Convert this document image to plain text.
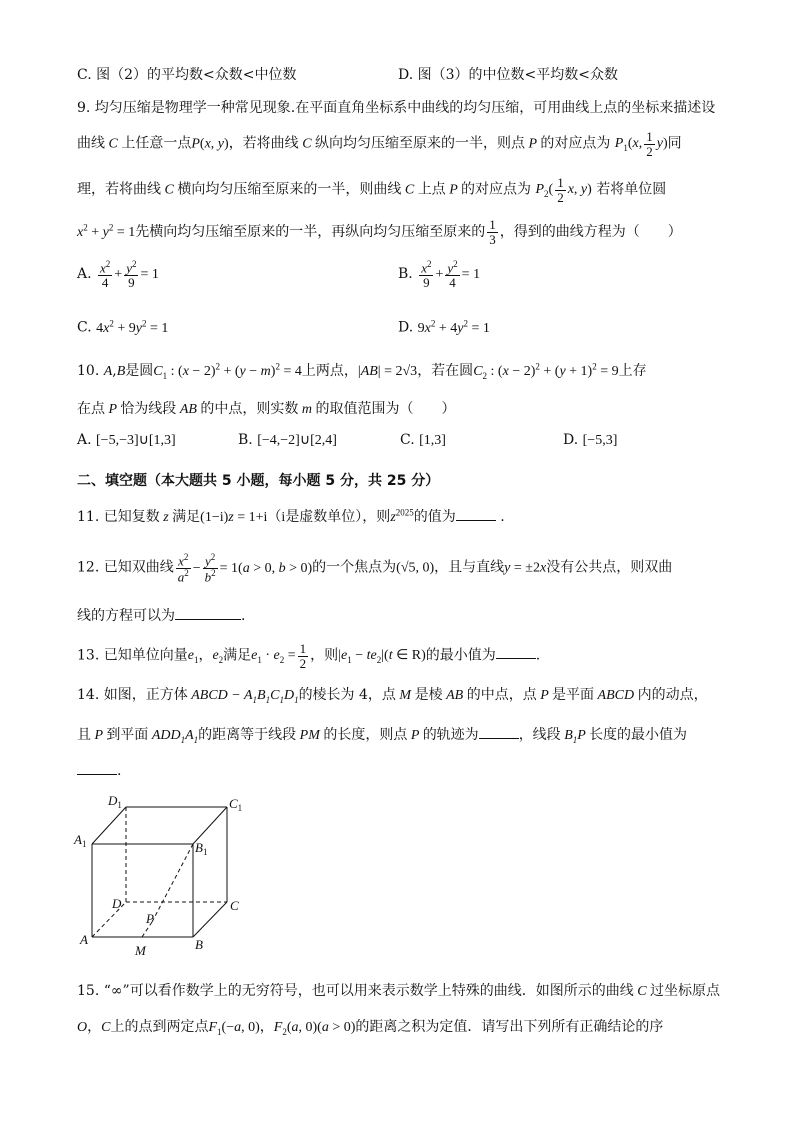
C. 图（2）的平均数<众数<中位数	D. 图（3）的中位数<平均数<众数
9. 均匀压缩是物理学一种常见现象.在平面直角坐标系中曲线的均匀压缩，可用曲线上点的坐标来描述设
曲线 C 上任意一点P(x, y)，若将曲线 C 纵向均匀压缩至原来的一半，则点 P 的对应点为 $P_1(x$, $\frac{1}{2} y$)同
理，若将曲线 C 横向均匀压缩至原来的一半，则曲线 C 上点 P 的对应点为 $P_2( \frac{1}{2} x$, y) 若将单位圆
$x^2 + y^2 = 1$先横向均匀压缩至原来的一半，再纵向均匀压缩至原来的 $\frac{1}{3}$ ，得到的曲线方程为（　　）
A. $\frac{x^2}{4} + \frac{y^2}{9} = 1$	B. $\frac{x^2}{9} + \frac{y^2}{4} = 1$
C. $4x^2 + 9y^2 = 1$	D. $9x^2 + 4y^2 = 1$
10. A,B是圆$C_1$ : $(x - 2)^2 + (y - m)^2 = 4$上两点，|AB| = 2√3，若在圆$C_2$ : $(x - 2)^2 + (y + 1)^2 = 9$上存
在点 P 恰为线段 AB 的中点，则实数 m 的取值范围为（　　）
A. [−5,−3]∪[1,3]	B. [−4,−2]∪[2,4]	C. [1,3]	D. [−5,3]
二、填空题（本大题共 5 小题，每小题 5 分，共 25 分）
11. 已知复数 z 满足(1−i)z = 1+i（i是虚数单位），则$z^{2025}$的值为	.
12. 已知双曲线 $\frac{x^2}{a^2} - \frac{y^2}{b^2} = 1(a > 0$, b > 0)的一个焦点为(√5, 0)，且与直线y = ±2x没有公共点，则双曲
线的方程可以为	.
13. 已知单位向量$e_1$，$e_2$满足$e_1 \cdot e_2 = \frac{1}{2}$ ，则$|e_1 - te_2|(t$ ∈ R)的最小值为	.
14. 如图，正方体 ABCD − $A_1B_1C_1D_1$的棱长为 4，点 M 是棱 AB 的中点，点 P 是平面 ABCD 内的动点，
且 P 到平面 $ADD_1A_1$的距离等于线段 PM 的长度，则点 P 的轨迹为	，线段 $B_1P$ 长度的最小值为
.
$D_1$	$C_1$
$A_1$	$B_1$
D	C
A	B
M
P
15. “∞”可以看作数学上的无穷符号，也可以用来表示数学上特殊的曲线．如图所示的曲线 C 过坐标原点
O，C上的点到两定点$F_1(-a$, 0)，$F_2(a$, 0)(a > 0)的距离之积为定值．请写出下列所有正确结论的序
